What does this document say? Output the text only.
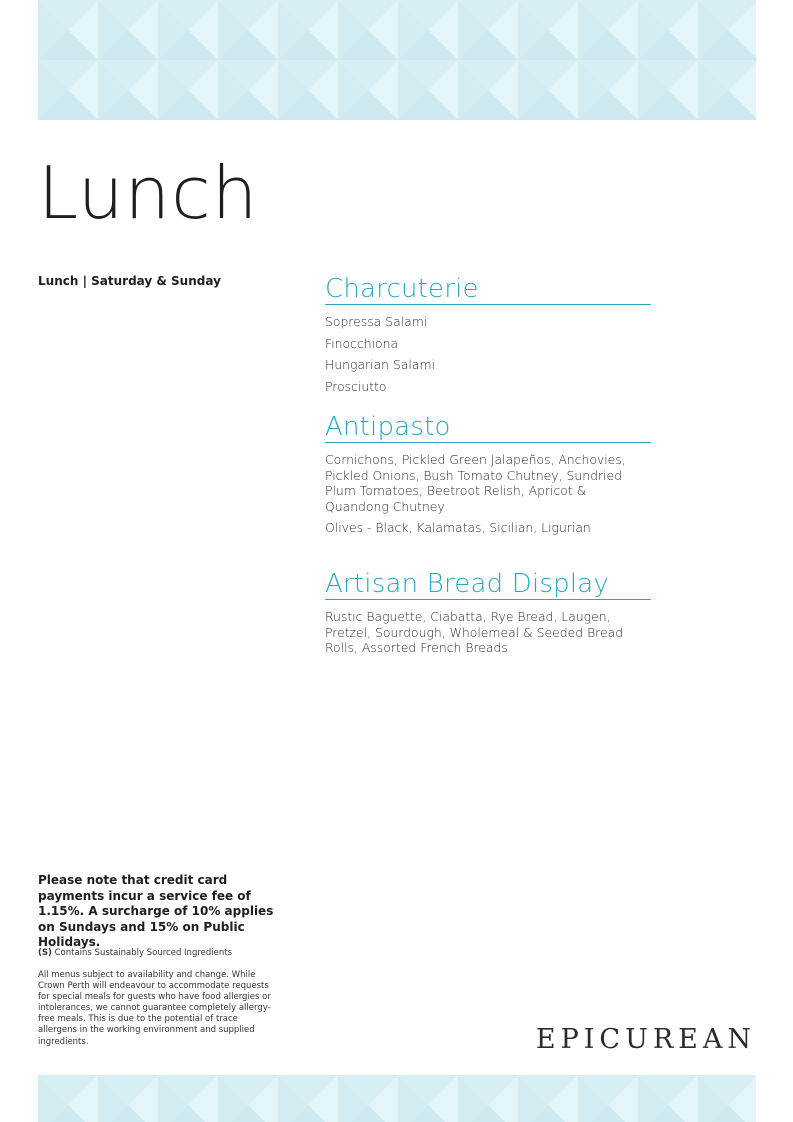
Lunch
Lunch | Saturday & Sunday	Charcuterie
Sopressa Salami
Finocchiona
Hungarian Salami
Prosciutto
Antipasto
Cornichons, Pickled Green Jalapeños, Anchovies, Pickled Onions, Bush Tomato Chutney, Sundried Plum Tomatoes, Beetroot Relish, Apricot & Quandong Chutney
Olives - Black, Kalamatas, Sicilian, Ligurian
Artisan Bread Display
Rustic Baguette, Ciabatta, Rye Bread, Laugen, Pretzel, Sourdough, Wholemeal & Seeded Bread Rolls, Assorted French Breads
Please note that credit card payments incur a service fee of 1.15%. A surcharge of 10% applies on Sundays and 15% on Public Holidays.
(S) Contains Sustainably Sourced Ingredients
All menus subject to availability and change. While Crown Perth will endeavour to accommodate requests for special meals for guests who have food allergies or intolerances, we cannot guarantee completely allergy-free meals. This is due to the potential of trace allergens in the working environment and supplied ingredients.	EPICUREAN
